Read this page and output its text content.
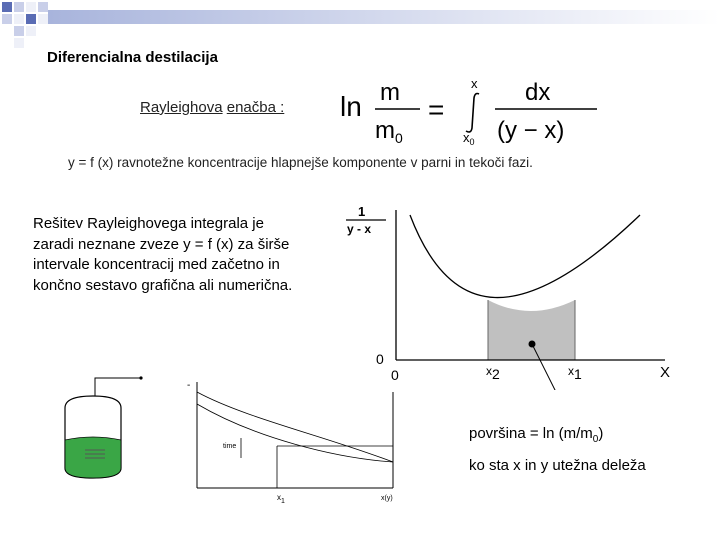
Diferencialna destilacija
Rayleighova enačba : ln m
$m_0$
=
x
$x_0$
dx
(y − x)
y = f (x) ravnotežne koncentracije hlapnejše komponente v parni in tekoči fazi.
Rešitev Rayleighovega integrala je zaradi neznane zveze y = f (x) za širše intervale koncentracij med začetno in končno sestavo grafična ali numerična.
1
y - x
0
0	x2	x1	X
-
time
x1	x(y)
površina = $\ln (m/m_0)$
ko sta x in y utežna deleža
